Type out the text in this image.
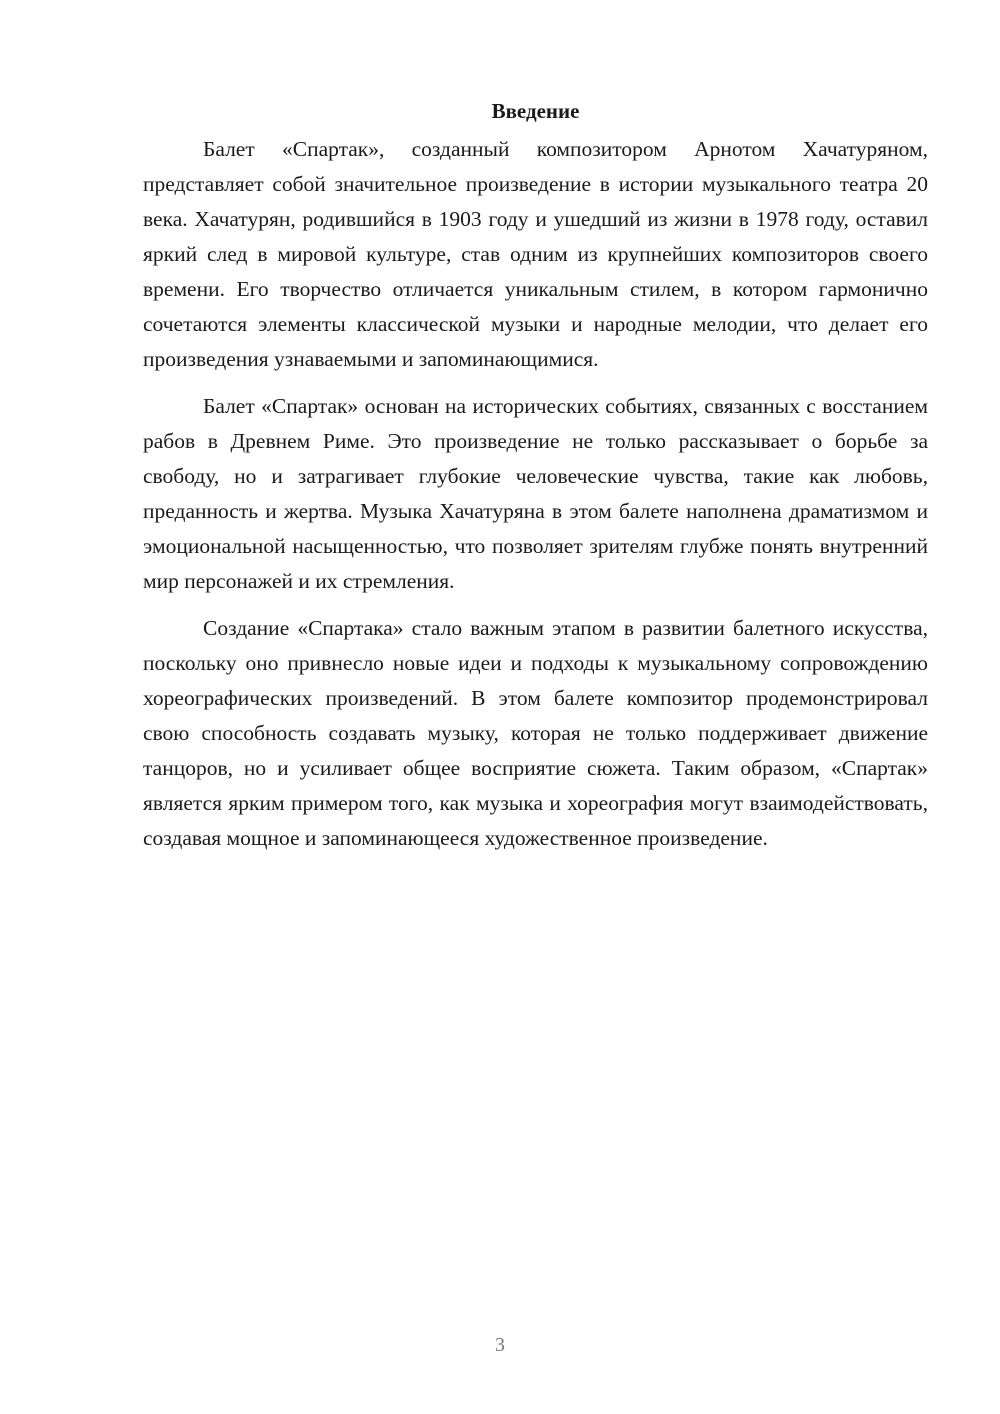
Введение

Балет «Спартак», созданный композитором Арнотом Хачатуряном, представляет собой значительное произведение в истории музыкального театра 20 века. Хачатурян, родившийся в 1903 году и ушедший из жизни в 1978 году, оставил яркий след в мировой культуре, став одним из крупнейших композиторов своего времени. Его творчество отличается уникальным стилем, в котором гармонично сочетаются элементы классической музыки и народные мелодии, что делает его произведения узнаваемыми и запоминающимися.

Балет «Спартак» основан на исторических событиях, связанных с восстанием рабов в Древнем Риме. Это произведение не только рассказывает о борьбе за свободу, но и затрагивает глубокие человеческие чувства, такие как любовь, преданность и жертва. Музыка Хачатуряна в этом балете наполнена драматизмом и эмоциональной насыщенностью, что позволяет зрителям глубже понять внутренний мир персонажей и их стремления.

Создание «Спартака» стало важным этапом в развитии балетного искусства, поскольку оно привнесло новые идеи и подходы к музыкальному сопровождению хореографических произведений. В этом балете композитор продемонстрировал свою способность создавать музыку, которая не только поддерживает движение танцоров, но и усиливает общее восприятие сюжета. Таким образом, «Спартак» является ярким примером того, как музыка и хореография могут взаимодействовать, создавая мощное и запоминающееся художественное произведение.

3
